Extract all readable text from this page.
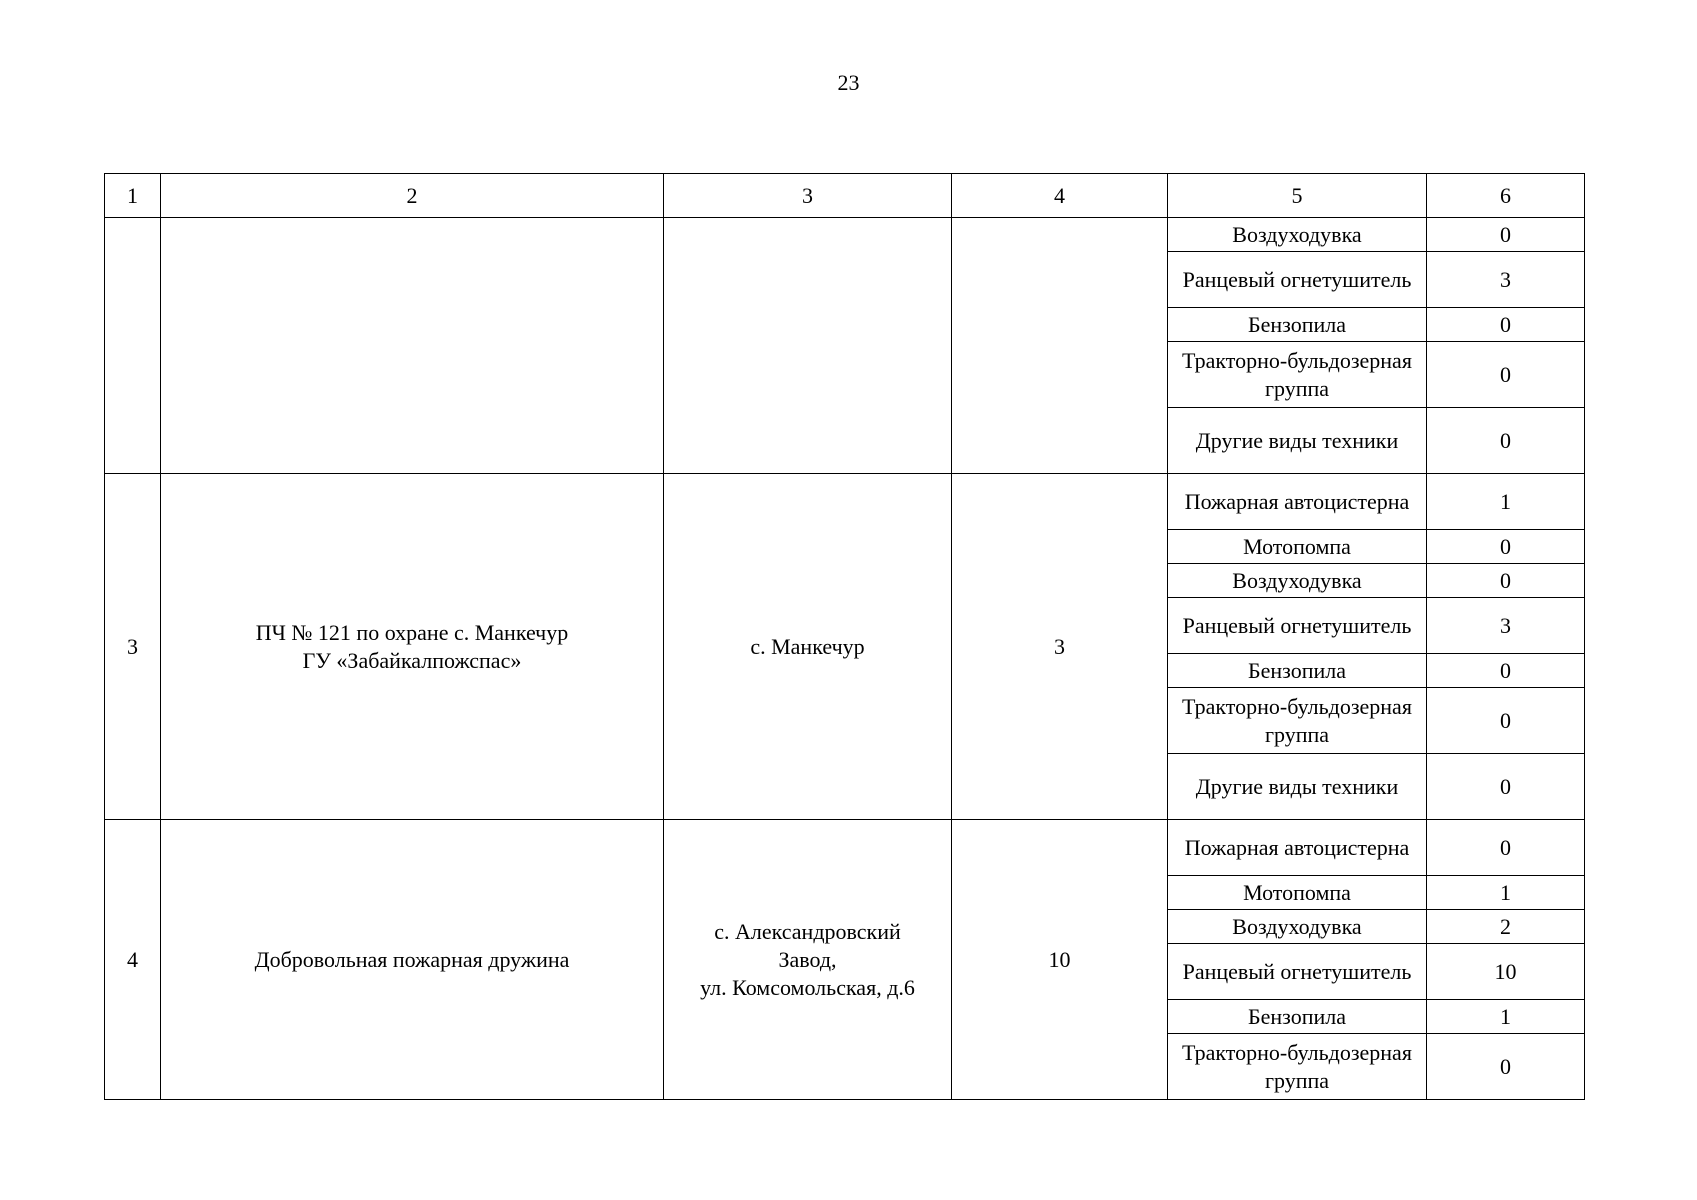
23
1	2	3	4	5	6
				Воздуходувка	0
				Ранцевый огнетушитель	3
				Бензопила	0
				Тракторно-бульдозерная группа	0
				Другие виды техники	0
3	ПЧ № 121 по охране с. Манкечур
ГУ «Забайкалпожспас»	с. Манкечур	3	Пожарная автоцистерна	1
				Мотопомпа	0
				Воздуходувка	0
				Ранцевый огнетушитель	3
				Бензопила	0
				Тракторно-бульдозерная группа	0
				Другие виды техники	0
4	Добровольная пожарная дружина	с. Александровский
Завод,
ул. Комсомольская, д.6	10	Пожарная автоцистерна	0
				Мотопомпа	1
				Воздуходувка	2
				Ранцевый огнетушитель	10
				Бензопила	1
				Тракторно-бульдозерная группа	0
